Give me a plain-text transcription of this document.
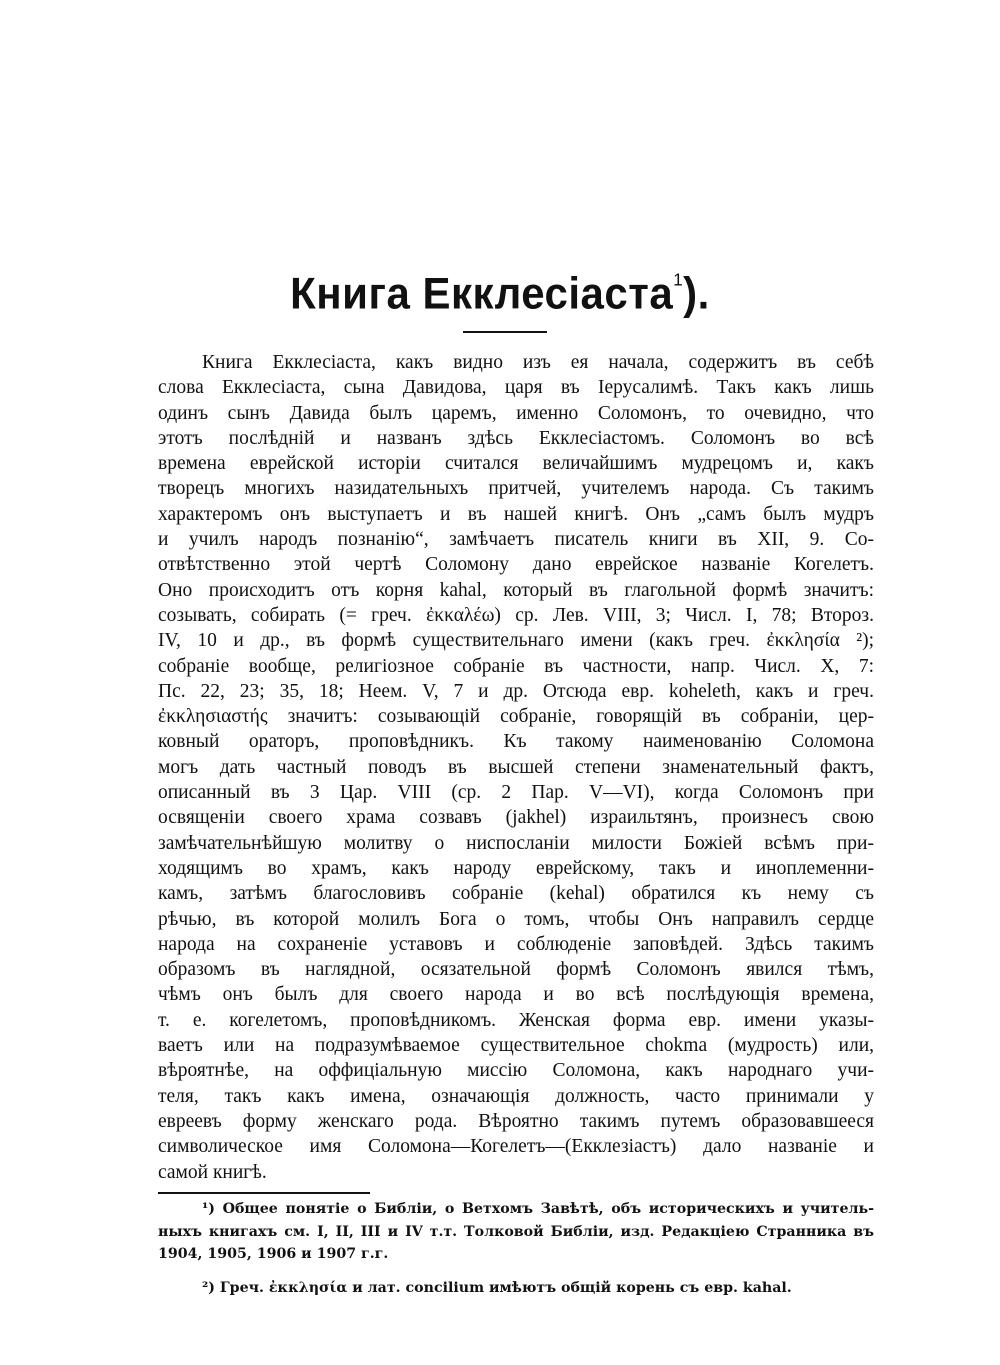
Книга Екклесіаста$^1$).
Книга Екклесіаста, какъ видно изъ ея начала, содержитъ въ себѣ
слова Екклесіаста, сына Давидова, царя въ Іерусалимѣ. Такъ какъ лишь
одинъ сынъ Давида былъ царемъ, именно Соломонъ, то очевидно, что
этотъ послѣдній и названъ здѣсь Екклесіастомъ. Соломонъ во всѣ
времена еврейской исторіи считался величайшимъ мудрецомъ и, какъ
творецъ многихъ назидательныхъ притчей, учителемъ народа. Съ такимъ
характеромъ онъ выступаетъ и въ нашей книгѣ. Онъ „самъ былъ мудръ
и училъ народъ познанію“, замѣчаетъ писатель книги въ XII, 9. Со-
отвѣтственно этой чертѣ Соломону дано еврейское названіе Когелетъ.
Оно происходитъ отъ корня kahal, который въ глагольной формѣ значитъ:
созывать, собирать (= греч. ἐκκαλέω) ср. Лев. VIII, 3; Числ. I, 78; Второз.
IV, 10 и др., въ формѣ существительнаго имени (какъ греч. ἐκκλησία ²);
собраніе вообще, религіозное собраніе въ частности, напр. Числ. X, 7:
Пс. 22, 23; 35, 18; Неем. V, 7 и др. Отсюда евр. koheleth, какъ и греч.
ἐκκλησιαστής значитъ: созывающій собраніе, говорящій въ собраніи, цер-
ковный ораторъ, проповѣдникъ. Къ такому наименованію Соломона
могъ дать частный поводъ въ высшей степени знаменательный фактъ,
описанный въ 3 Цар. VIII (ср. 2 Пар. V—VI), когда Соломонъ при
освященіи своего храма созвавъ (jakhel) израильтянъ, произнесъ свою
замѣчательнѣйшую молитву о ниспосланіи милости Божіей всѣмъ при-
ходящимъ во храмъ, какъ народу еврейскому, такъ и иноплеменни-
камъ, затѣмъ благословивъ собраніе (kehal) обратился къ нему съ
рѣчью, въ которой молилъ Бога о томъ, чтобы Онъ направилъ сердце
народа на сохраненіе уставовъ и соблюденіе заповѣдей. Здѣсь такимъ
образомъ въ наглядной, осязательной формѣ Соломонъ явился тѣмъ,
чѣмъ онъ былъ для своего народа и во всѣ послѣдующія времена,
т. е. когелетомъ, проповѣдникомъ. Женская форма евр. имени указы-
ваетъ или на подразумѣваемое существительное chokma (мудрость) или,
вѣроятнѣе, на оффиціальную миссію Соломона, какъ народнаго учи-
теля, такъ какъ имена, означающія должность, часто принимали у
евреевъ форму женскаго рода. Вѣроятно такимъ путемъ образовавшееся
символическое имя Соломона—Когелетъ—(Екклезіастъ) дало названіе и
самой книгѣ.
¹) Общее понятіе о Библіи, о Ветхомъ Завѣтѣ, объ историческихъ и учитель-
ныхъ книгахъ см. І, ІІ, ІІІ и IV т.т. Толковой Библіи, изд. Редакціею Странника въ
1904, 1905, 1906 и 1907 г.г.
²) Греч. ἐκκλησία и лат. concilium имѣютъ общій корень съ евр. kahal.
